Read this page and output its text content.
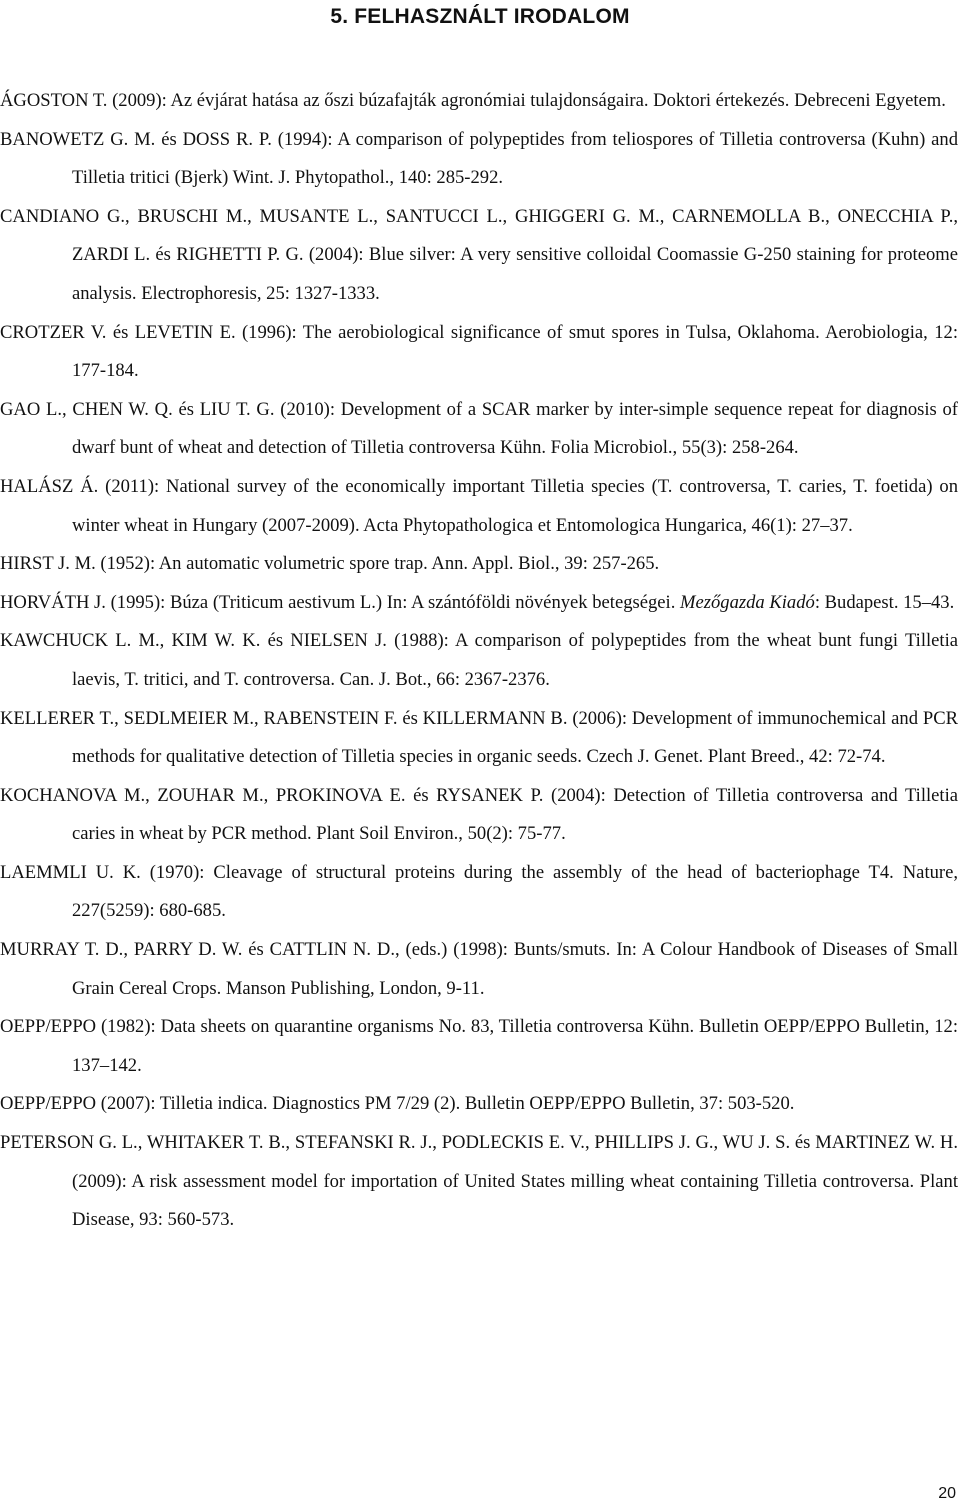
5. FELHASZNÁLT IRODALOM
ÁGOSTON T. (2009): Az évjárat hatása az őszi búzafajták agronómiai tulajdonságaira. Doktori értekezés. Debreceni Egyetem.
BANOWETZ G. M. és DOSS R. P. (1994): A comparison of polypeptides from teliospores of Tilletia controversa (Kuhn) and Tilletia tritici (Bjerk) Wint. J. Phytopathol., 140: 285-292.
CANDIANO G., BRUSCHI M., MUSANTE L., SANTUCCI L., GHIGGERI G. M., CARNEMOLLA B., ONECCHIA P., ZARDI L. és RIGHETTI P. G. (2004): Blue silver: A very sensitive colloidal Coomassie G-250 staining for proteome analysis. Electrophoresis, 25: 1327-1333.
CROTZER V. és LEVETIN E. (1996): The aerobiological significance of smut spores in Tulsa, Oklahoma. Aerobiologia, 12: 177-184.
GAO L., CHEN W. Q. és LIU T. G. (2010): Development of a SCAR marker by inter-simple sequence repeat for diagnosis of dwarf bunt of wheat and detection of Tilletia controversa Kühn. Folia Microbiol., 55(3): 258-264.
HALÁSZ Á. (2011): National survey of the economically important Tilletia species (T. controversa, T. caries, T. foetida) on winter wheat in Hungary (2007-2009). Acta Phytopathologica et Entomologica Hungarica, 46(1): 27–37.
HIRST J. M. (1952): An automatic volumetric spore trap. Ann. Appl. Biol., 39: 257-265.
HORVÁTH J. (1995): Búza (Triticum aestivum L.) In: A szántóföldi növények betegségei. Mezőgazda Kiadó: Budapest. 15–43.
KAWCHUCK L. M., KIM W. K. és NIELSEN J. (1988): A comparison of polypeptides from the wheat bunt fungi Tilletia laevis, T. tritici, and T. controversa. Can. J. Bot., 66: 2367-2376.
KELLERER T., SEDLMEIER M., RABENSTEIN F. és KILLERMANN B. (2006): Development of immunochemical and PCR methods for qualitative detection of Tilletia species in organic seeds. Czech J. Genet. Plant Breed., 42: 72-74.
KOCHANOVA M., ZOUHAR M., PROKINOVA E. és RYSANEK P. (2004): Detection of Tilletia controversa and Tilletia caries in wheat by PCR method. Plant Soil Environ., 50(2): 75-77.
LAEMMLI U. K. (1970): Cleavage of structural proteins during the assembly of the head of bacteriophage T4. Nature, 227(5259): 680-685.
MURRAY T. D., PARRY D. W. és CATTLIN N. D., (eds.) (1998): Bunts/smuts. In: A Colour Handbook of Diseases of Small Grain Cereal Crops. Manson Publishing, London, 9-11.
OEPP/EPPO (1982): Data sheets on quarantine organisms No. 83, Tilletia controversa Kühn. Bulletin OEPP/EPPO Bulletin, 12: 137–142.
OEPP/EPPO (2007): Tilletia indica. Diagnostics PM 7/29 (2). Bulletin OEPP/EPPO Bulletin, 37: 503-520.
PETERSON G. L., WHITAKER T. B., STEFANSKI R. J., PODLECKIS E. V., PHILLIPS J. G., WU J. S. és MARTINEZ W. H. (2009): A risk assessment model for importation of United States milling wheat containing Tilletia controversa. Plant Disease, 93: 560-573.
20
